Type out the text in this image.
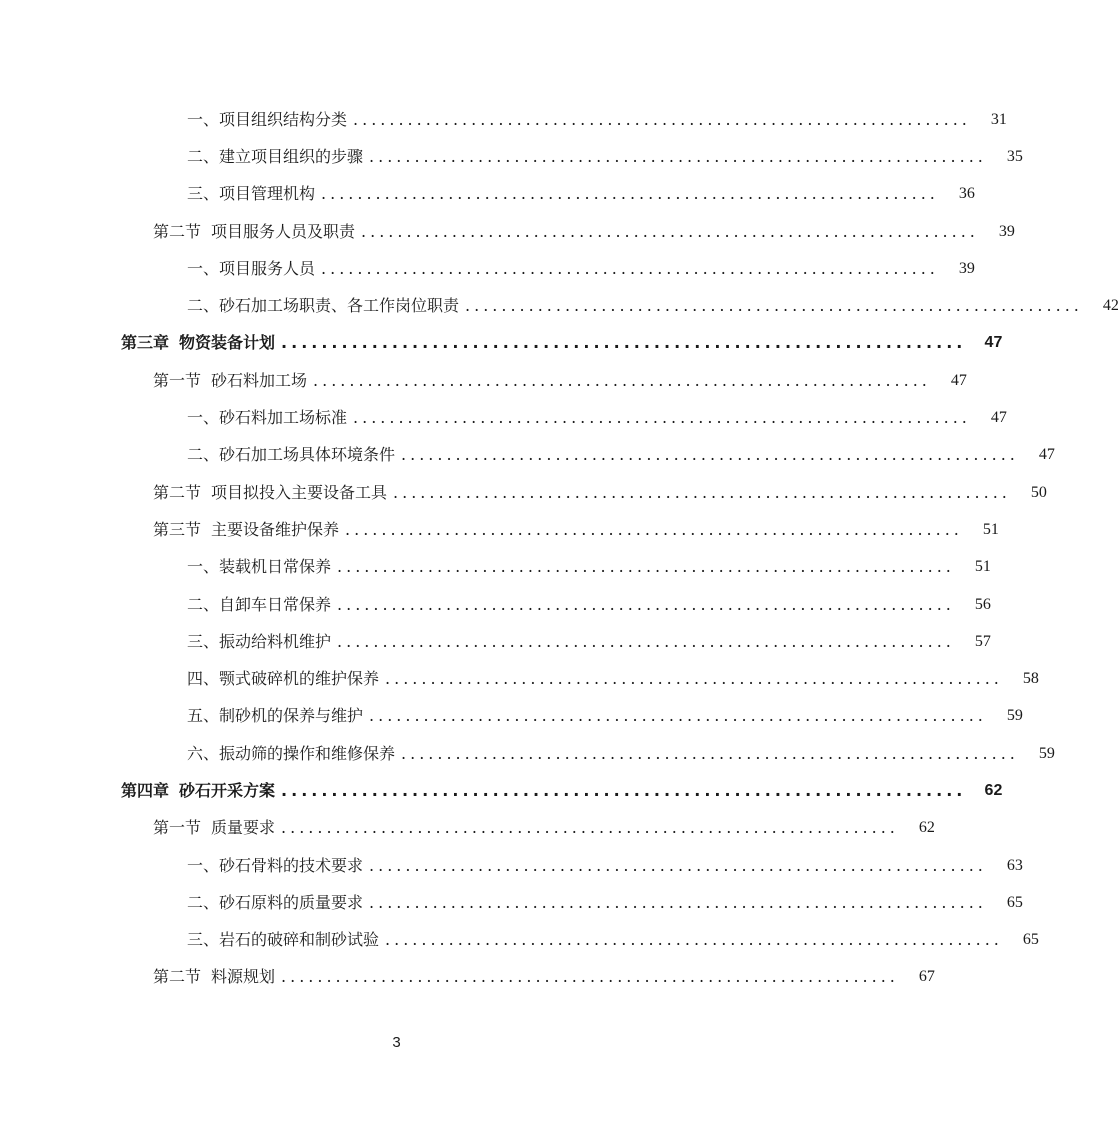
一、项目组织结构分类 ....................................................................	31
二、建立项目组织的步骤 ....................................................................	35
三、项目管理机构 ....................................................................	36
第二节 项目服务人员及职责 ....................................................................	39
一、项目服务人员 ....................................................................	39
二、砂石加工场职责、各工作岗位职责 ....................................................................	42
第三章 物资装备计划 ....................................................................	47
第一节 砂石料加工场 ....................................................................	47
一、砂石料加工场标准 ....................................................................	47
二、砂石加工场具体环境条件 ....................................................................	47
第二节 项目拟投入主要设备工具 ....................................................................	50
第三节 主要设备维护保养 ....................................................................	51
一、装载机日常保养 ....................................................................	51
二、自卸车日常保养 ....................................................................	56
三、振动给料机维护 ....................................................................	57
四、颚式破碎机的维护保养 ....................................................................	58
五、制砂机的保养与维护 ....................................................................	59
六、振动筛的操作和维修保养 ....................................................................	59
第四章 砂石开采方案 ....................................................................	62
第一节 质量要求 ....................................................................	62
一、砂石骨料的技术要求 ....................................................................	63
二、砂石原料的质量要求 ....................................................................	65
三、岩石的破碎和制砂试验 ....................................................................	65
第二节 料源规划 ....................................................................	67
3
